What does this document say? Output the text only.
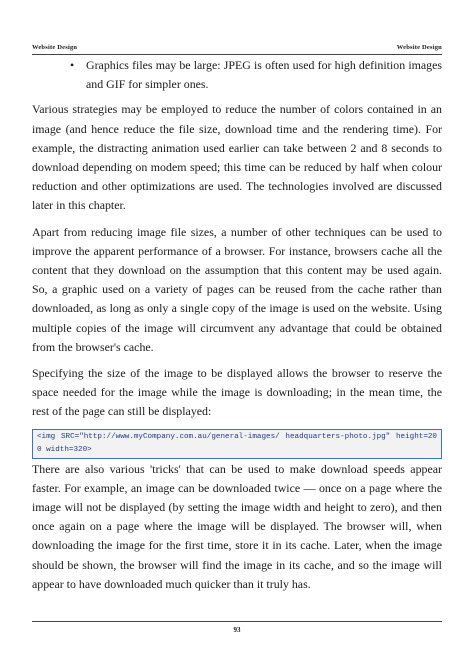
Website Design	Website Design
• Graphics files may be large: JPEG is often used for high definition images and GIF for simpler ones.

Various strategies may be employed to reduce the number of colors contained in an image (and hence reduce the file size, download time and the rendering time). For example, the distracting animation used earlier can take between 2 and 8 seconds to download depending on modem speed; this time can be reduced by half when colour reduction and other optimizations are used. The technologies involved are discussed later in this chapter.

Apart from reducing image file sizes, a number of other techniques can be used to improve the apparent performance of a browser. For instance, browsers cache all the content that they download on the assumption that this content may be used again. So, a graphic used on a variety of pages can be reused from the cache rather than downloaded, as long as only a single copy of the image is used on the website. Using multiple copies of the image will circumvent any advantage that could be obtained from the browser's cache.

Specifying the size of the image to be displayed allows the browser to reserve the space needed for the image while the image is downloading; in the mean time, the rest of the page can still be displayed:

<img SRC="http://www.myCompany.com.au/general-images/ headquarters-photo.jpg" height=200 width=320>

There are also various 'tricks' that can be used to make download speeds appear faster. For example, an image can be downloaded twice — once on a page where the image will not be displayed (by setting the image width and height to zero), and then once again on a page where the image will be displayed. The browser will, when downloading the image for the first time, store it in its cache. Later, when the image should be shown, the browser will find the image in its cache, and so the image will appear to have downloaded much quicker than it truly has.

93
